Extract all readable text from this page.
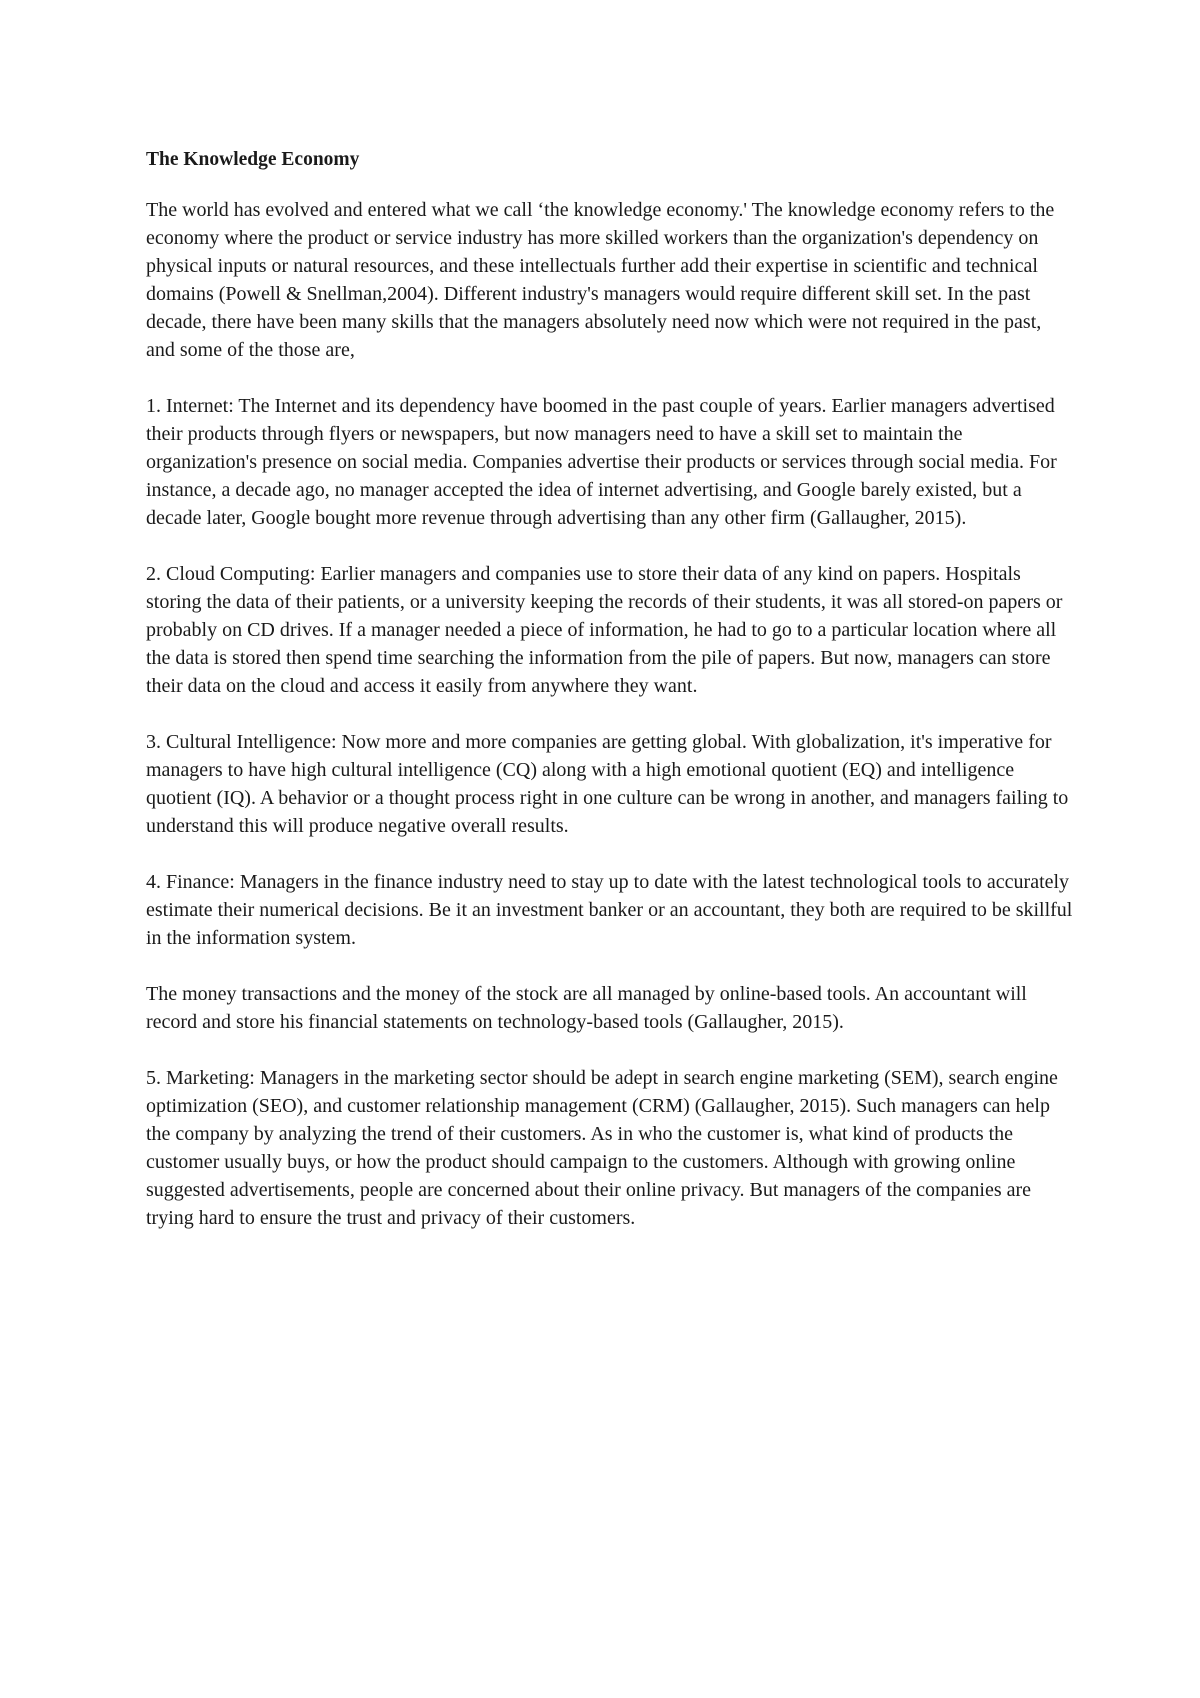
The Knowledge Economy

The world has evolved and entered what we call ‘the knowledge economy.' The knowledge economy refers to the economy where the product or service industry has more skilled workers than the organization's dependency on physical inputs or natural resources, and these intellectuals further add their expertise in scientific and technical domains (Powell & Snellman,2004). Different industry's managers would require different skill set. In the past decade, there have been many skills that the managers absolutely need now which were not required in the past, and some of the those are,

1. Internet: The Internet and its dependency have boomed in the past couple of years. Earlier managers advertised their products through flyers or newspapers, but now managers need to have a skill set to maintain the organization's presence on social media. Companies advertise their products or services through social media. For instance, a decade ago, no manager accepted the idea of internet advertising, and Google barely existed, but a decade later, Google bought more revenue through advertising than any other firm (Gallaugher, 2015).

2. Cloud Computing: Earlier managers and companies use to store their data of any kind on papers. Hospitals storing the data of their patients, or a university keeping the records of their students, it was all stored-on papers or probably on CD drives. If a manager needed a piece of information, he had to go to a particular location where all the data is stored then spend time searching the information from the pile of papers. But now, managers can store their data on the cloud and access it easily from anywhere they want.

3. Cultural Intelligence: Now more and more companies are getting global. With globalization, it's imperative for managers to have high cultural intelligence (CQ) along with a high emotional quotient (EQ) and intelligence quotient (IQ). A behavior or a thought process right in one culture can be wrong in another, and managers failing to understand this will produce negative overall results.

4. Finance: Managers in the finance industry need to stay up to date with the latest technological tools to accurately estimate their numerical decisions. Be it an investment banker or an accountant, they both are required to be skillful in the information system.

The money transactions and the money of the stock are all managed by online-based tools. An accountant will record and store his financial statements on technology-based tools (Gallaugher, 2015).

5. Marketing: Managers in the marketing sector should be adept in search engine marketing (SEM), search engine optimization (SEO), and customer relationship management (CRM) (Gallaugher, 2015). Such managers can help the company by analyzing the trend of their customers. As in who the customer is, what kind of products the customer usually buys, or how the product should campaign to the customers. Although with growing online suggested advertisements, people are concerned about their online privacy. But managers of the companies are trying hard to ensure the trust and privacy of their customers.
